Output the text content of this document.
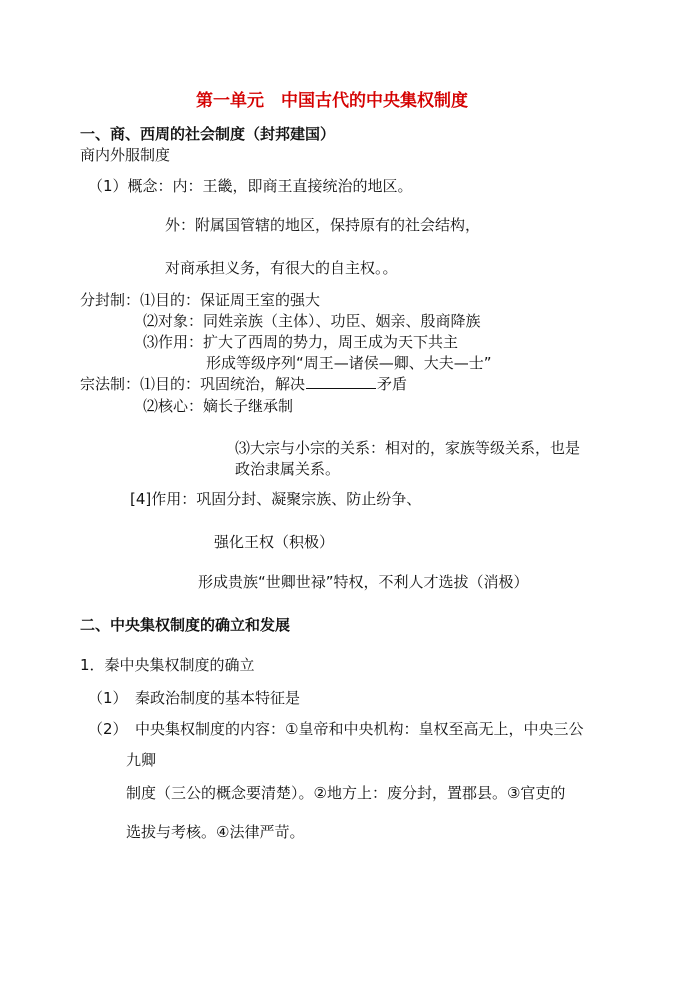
第一单元　中国古代的中央集权制度
一、商、西周的社会制度（封邦建国）
商内外服制度
（1）概念：内：王畿，即商王直接统治的地区。
外：附属国管辖的地区，保持原有的社会结构，
对商承担义务，有很大的自主权。。
分封制：⑴目的：保证周王室的强大
⑵对象：同姓亲族（主体）、功臣、姻亲、殷商降族
⑶作用：扩大了西周的势力，周王成为天下共主
形成等级序列“周王—诸侯—卿、大夫—士”
宗法制：⑴目的：巩固统治，解决	矛盾
⑵核心：嫡长子继承制
⑶大宗与小宗的关系：相对的，家族等级关系，也是
政治隶属关系。
[4]作用：巩固分封、凝聚宗族、防止纷争、
强化王权（积极）
形成贵族“世卿世禄”特权，不利人才选拔（消极）
二、中央集权制度的确立和发展
1．秦中央集权制度的确立
（1）　秦政治制度的基本特征是
（2）　中央集权制度的内容：①皇帝和中央机构：皇权至高无上，中央三公
九卿
制度（三公的概念要清楚）。②地方上：废分封，置郡县。③官吏的
选拔与考核。④法律严苛。
